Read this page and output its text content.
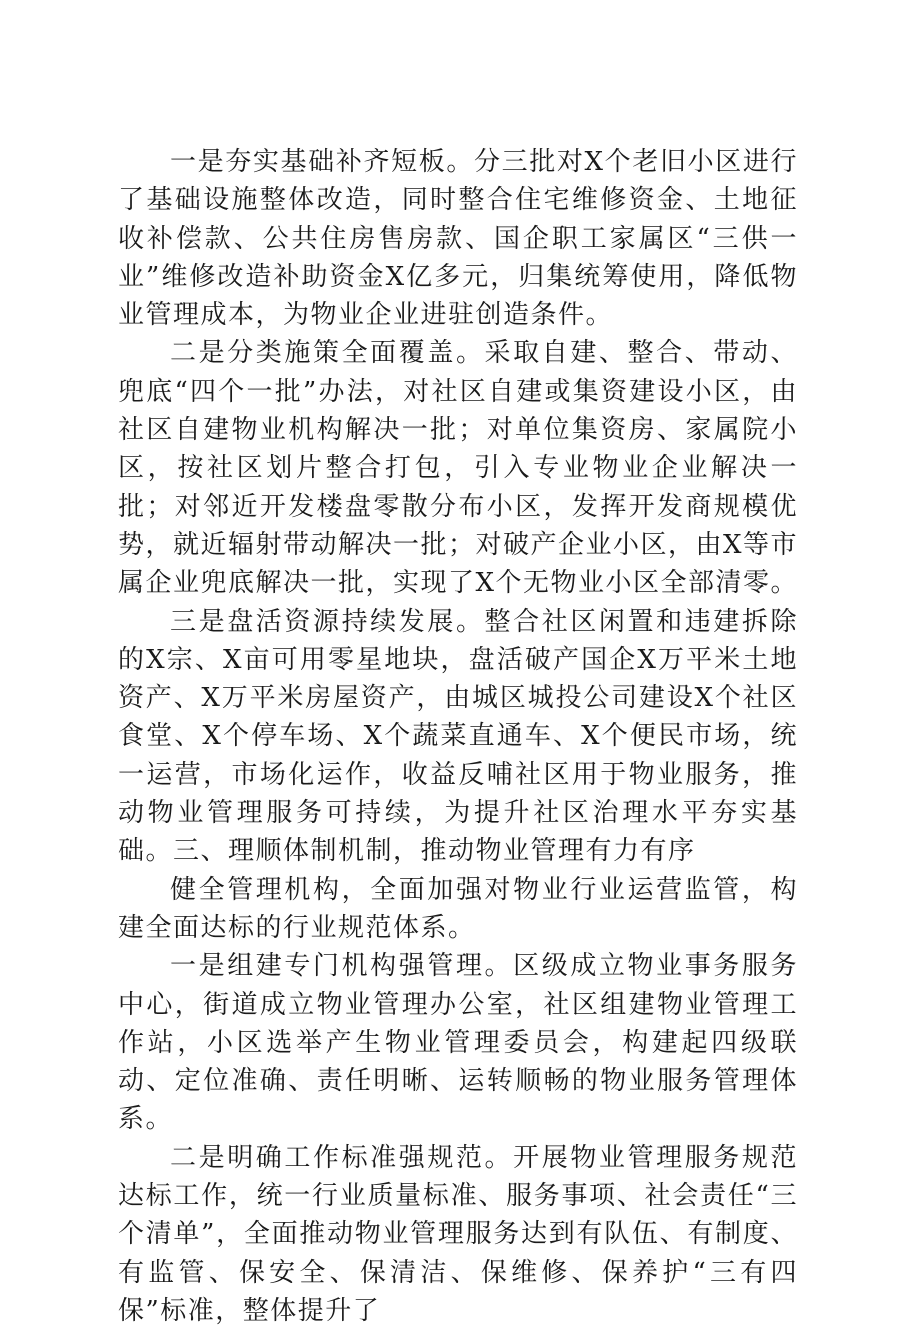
一是夯实基础补齐短板。分三批对X个老旧小区进行了基础设施整体改造，同时整合住宅维修资金、土地征收补偿款、公共住房售房款、国企职工家属区“三供一业”维修改造补助资金X亿多元，归集统筹使用，降低物业管理成本，为物业企业进驻创造条件。

二是分类施策全面覆盖。采取自建、整合、带动、兜底“四个一批”办法，对社区自建或集资建设小区，由社区自建物业机构解决一批；对单位集资房、家属院小区，按社区划片整合打包，引入专业物业企业解决一批；对邻近开发楼盘零散分布小区，发挥开发商规模优势，就近辐射带动解决一批；对破产企业小区，由X等市属企业兜底解决一批，实现了X个无物业小区全部清零。

三是盘活资源持续发展。整合社区闲置和违建拆除的X宗、X亩可用零星地块，盘活破产国企X万平米土地资产、X万平米房屋资产，由城区城投公司建设X个社区食堂、X个停车场、X个蔬菜直通车、X个便民市场，统一运营，市场化运作，收益反哺社区用于物业服务，推动物业管理服务可持续，为提升社区治理水平夯实基础。三、理顺体制机制，推动物业管理有力有序

健全管理机构，全面加强对物业行业运营监管，构建全面达标的行业规范体系。

一是组建专门机构强管理。区级成立物业事务服务中心，街道成立物业管理办公室，社区组建物业管理工作站，小区选举产生物业管理委员会，构建起四级联动、定位准确、责任明晰、运转顺畅的物业服务管理体系。

二是明确工作标准强规范。开展物业管理服务规范达标工作，统一行业质量标准、服务事项、社会责任“三个清单”，全面推动物业管理服务达到有队伍、有制度、有监管、保安全、保清洁、保维修、保养护“三有四保”标准，整体提升了
